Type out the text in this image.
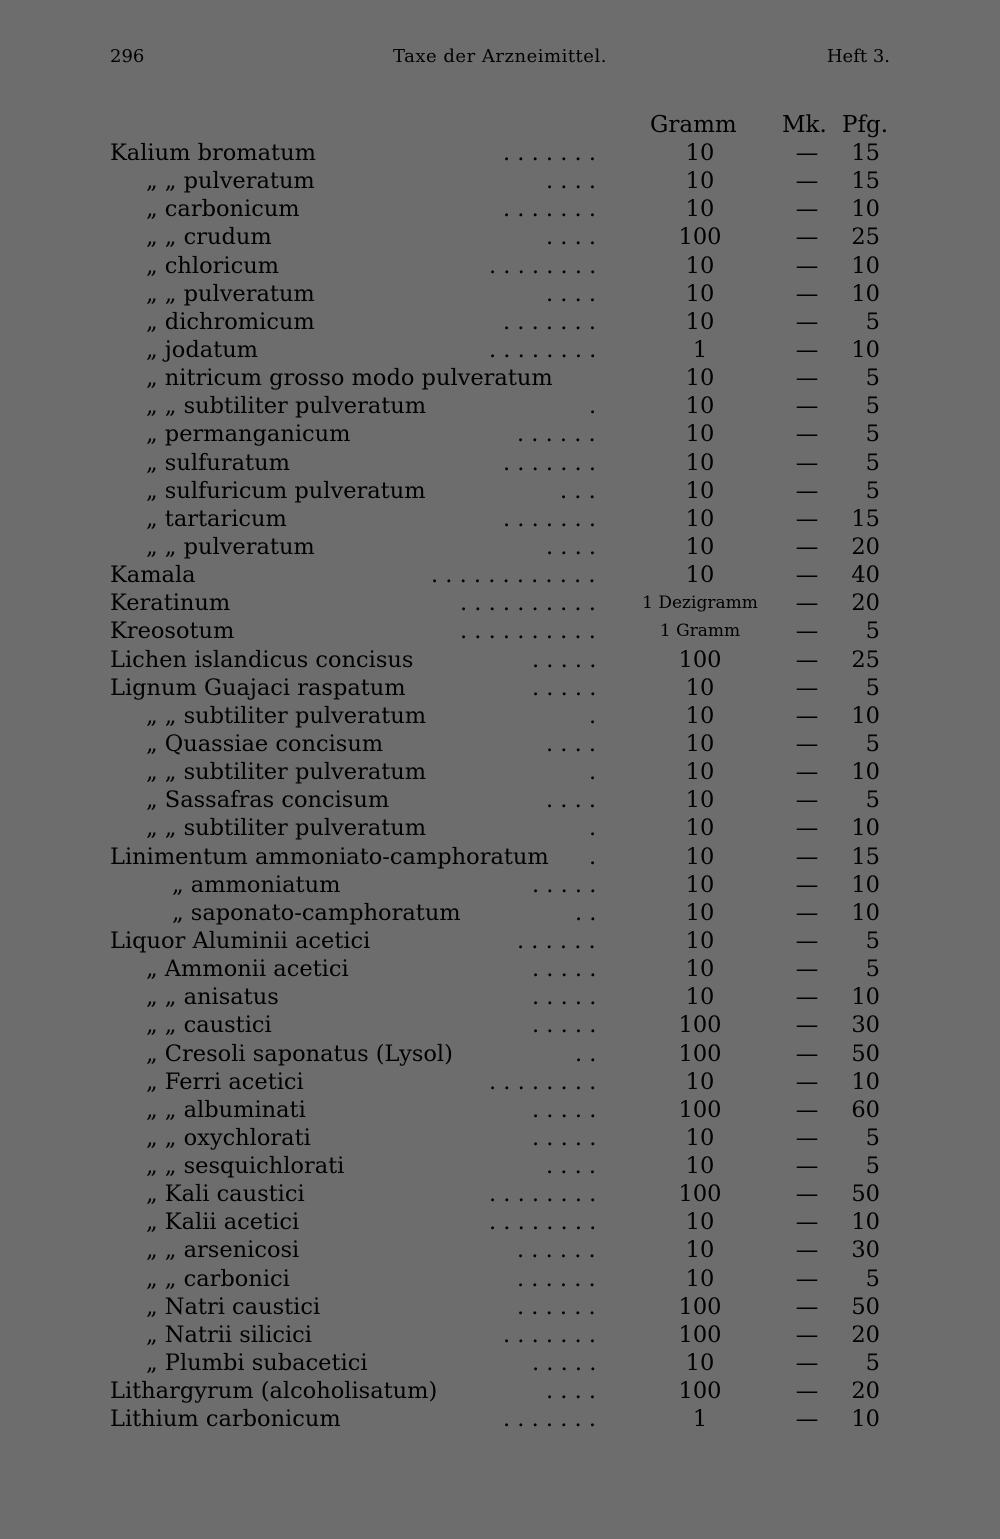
296	Taxe der Arzneimittel.	Heft 3.
Gramm Mk. Pfg.
Kalium bromatum	. . . . . . .	10	—	15
„ „ pulveratum	. . . .	10	—	15
„ carbonicum	. . . . . . .	10	—	10
„ „ crudum	. . . .	100	—	25
„ chloricum	. . . . . . . .	10	—	10
„ „ pulveratum	. . . .	10	—	10
„ dichromicum	. . . . . . .	10	—	5
„ jodatum	. . . . . . . .	1	—	10
„ nitricum grosso modo pulveratum	10	—	5
„ „ subtiliter pulveratum	.	10	—	5
„ permanganicum	. . . . . .	10	—	5
„ sulfuratum	. . . . . . .	10	—	5
„ sulfuricum pulveratum	. . .	10	—	5
„ tartaricum	. . . . . . .	10	—	15
„ „ pulveratum	. . . .	10	—	20
Kamala	. . . . . . . . . . . .	10	—	40
Keratinum	. . . . . . . . . .	1 Dezigramm	—	20
Kreosotum	. . . . . . . . . .	1 Gramm	—	5
Lichen islandicus concisus	. . . . .	100	—	25
Lignum Guajaci raspatum	. . . . .	10	—	5
„ „ subtiliter pulveratum	.	10	—	10
„ Quassiae concisum	. . . .	10	—	5
„ „ subtiliter pulveratum	.	10	—	10
„ Sassafras concisum	. . . .	10	—	5
„ „ subtiliter pulveratum	.	10	—	10
Linimentum ammoniato-camphoratum .	10	—	15
„ ammoniatum	. . . . .	10	—	10
„ saponato-camphoratum	. .	10	—	10
Liquor Aluminii acetici	. . . . . .	10	—	5
„ Ammonii acetici	. . . . .	10	—	5
„ „ anisatus	. . . . .	10	—	10
„ „ caustici	. . . . .	100	—	30
„ Cresoli saponatus (Lysol)	. .	100	—	50
„ Ferri acetici	. . . . . . . .	10	—	10
„ „ albuminati	. . . . .	100	—	60
„ „ oxychlorati	. . . . .	10	—	5
„ „ sesquichlorati	. . . .	10	—	5
„ Kali caustici	. . . . . . . .	100	—	50
„ Kalii acetici	. . . . . . . .	10	—	10
„ „ arsenicosi	. . . . . .	10	—	30
„ „ carbonici	. . . . . .	10	—	5
„ Natri caustici	. . . . . .	100	—	50
„ Natrii silicici	. . . . . . .	100	—	20
„ Plumbi subacetici	. . . . .	10	—	5
Lithargyrum (alcoholisatum)	. . . .	100	—	20
Lithium carbonicum	. . . . . . .	1	—	10
